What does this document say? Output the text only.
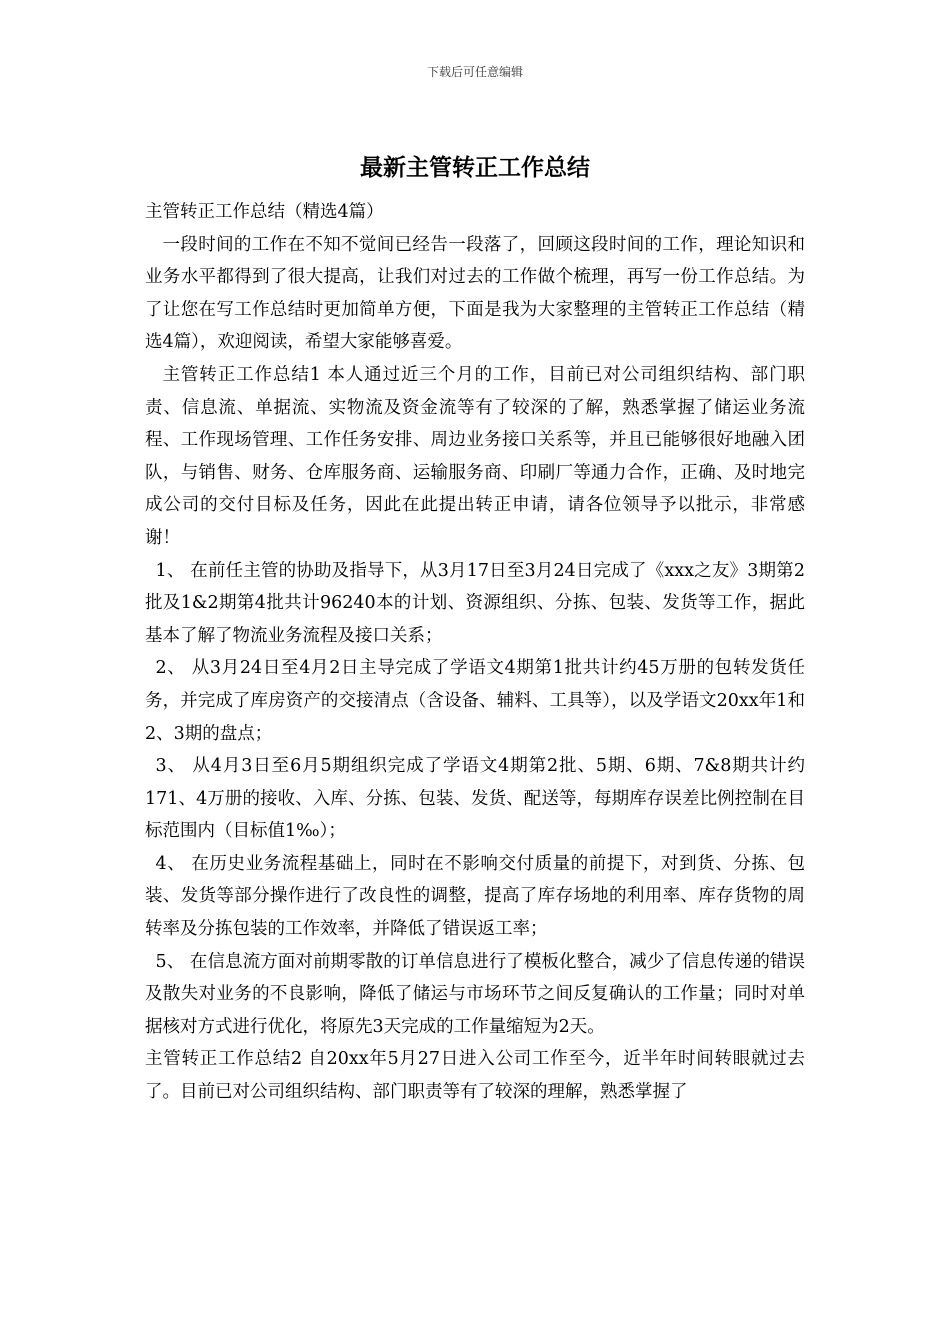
下载后可任意编辑
最新主管转正工作总结

主管转正工作总结（精选4篇）

一段时间的工作在不知不觉间已经告一段落了，回顾这段时间的工作，理论知识和业务水平都得到了很大提高，让我们对过去的工作做个梳理，再写一份工作总结。为了让您在写工作总结时更加简单方便，下面是我为大家整理的主管转正工作总结（精选4篇），欢迎阅读，希望大家能够喜爱。

主管转正工作总结1 本人通过近三个月的工作，目前已对公司组织结构、部门职责、信息流、单据流、实物流及资金流等有了较深的了解，熟悉掌握了储运业务流程、工作现场管理、工作任务安排、周边业务接口关系等，并且已能够很好地融入团队，与销售、财务、仓库服务商、运输服务商、印刷厂等通力合作，正确、及时地完成公司的交付目标及任务，因此在此提出转正申请，请各位领导予以批示，非常感谢！

1、 在前任主管的协助及指导下，从3月17日至3月24日完成了《xxx之友》3期第2批及1&2期第4批共计96240本的计划、资源组织、分拣、包装、发货等工作，据此基本了解了物流业务流程及接口关系；

2、 从3月24日至4月2日主导完成了学语文4期第1批共计约45万册的包转发货任务，并完成了库房资产的交接清点（含设备、辅料、工具等），以及学语文20xx年1和2、3期的盘点；

3、 从4月3日至6月5期组织完成了学语文4期第2批、5期、6期、7&8期共计约171、4万册的接收、入库、分拣、包装、发货、配送等，每期库存误差比例控制在目标范围内（目标值1‰）；

4、 在历史业务流程基础上，同时在不影响交付质量的前提下，对到货、分拣、包装、发货等部分操作进行了改良性的调整，提高了库存场地的利用率、库存货物的周转率及分拣包装的工作效率，并降低了错误返工率；

5、 在信息流方面对前期零散的订单信息进行了模板化整合，减少了信息传递的错误及散失对业务的不良影响，降低了储运与市场环节之间反复确认的工作量；同时对单据核对方式进行优化，将原先3天完成的工作量缩短为2天。

主管转正工作总结2 自20xx年5月27日进入公司工作至今，近半年时间转眼就过去了。目前已对公司组织结构、部门职责等有了较深的理解，熟悉掌握了
